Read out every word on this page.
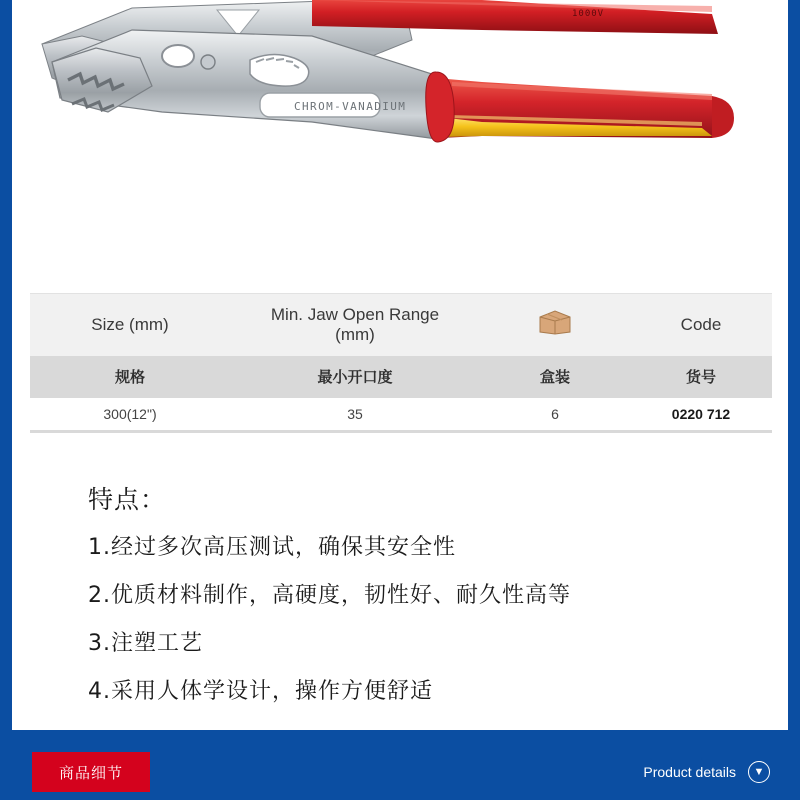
1000V
CHROM-VANADIUM
Size (mm)	Min. Jaw Open Range
(mm)		Code
规格	最小开口度	盒装	货号
300(12")	35	6	0220 712
特点：
1.经过多次高压测试，确保其安全性
2.优质材料制作，高硬度，韧性好、耐久性高等
3.注塑工艺
4.采用人体学设计，操作方便舒适
商品细节	Product details	▼
